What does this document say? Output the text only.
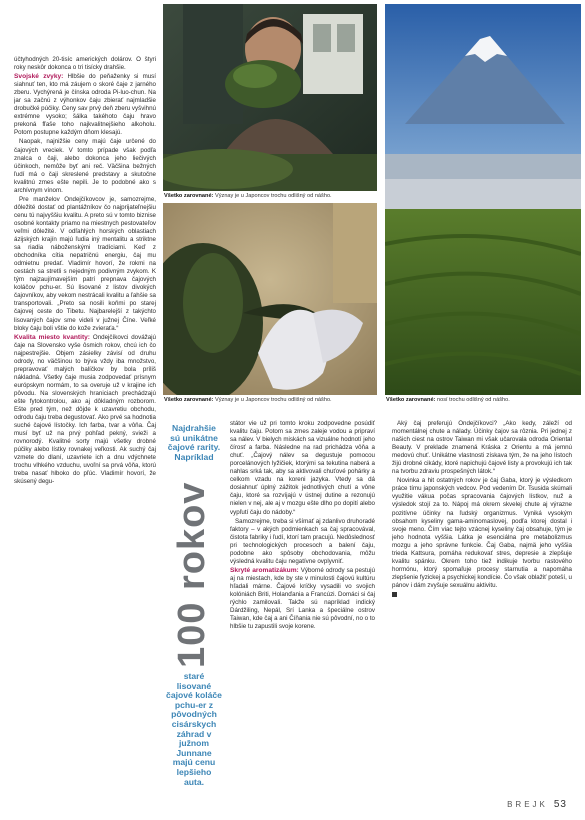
účtyhodných 20-tisíc amerických dolárov. O štyri roky neskôr dokonca o tri tisícky drahšie.

Svojské zvyky: Hlbšie do peňaženky si musí siahnuť ten, kto má záujem o skoré čaje z jarného zberu. Vychýrená je čínska odroda Pi-luo-chun. Na jar sa začnú z výhonkov čaju zbierať najmladšie drobučké púčiky. Ceny sav prvý deň zberu vyšvihnú extrémne vysoko; šálka takéhoto čaju hravo prekoná fľaše toho najkvalitnejšieho alkoholu. Potom postupne každým dňom klesajú.

Naopak, najnižšie ceny majú čaje určené do čajových vreciek. V tomto prípade však podľa znalca o čaji, alebo dokonca jeho liečivých účinkoch, nemôže byť ani reč. Väčšina bežných ľudí má o čaji skreslené predstavy a skutočne kvalitnú zmes ešte nepili. Je to podobné ako s archívnym vínom.

Pre manželov Ondejčíkovcov je, samozrejme, dôležité dostať od plantážníkov čo najprijateľnejšiu cenu tú najvyššiu kvalitu. A preto sú v tomto biznise osobné kontakty priamo na miestnych pestovateľov veľmi dôležité. V odľahlých horských oblastiach ázijských krajín majú ľudia iný mentalitu a striktne sa riadia náboženskými tradíciami. Keď z obchodníka cítia nepatričnú energiu, čaj mu odmietnu predať. Vladimír hovorí, že rokmi na cestách sa stretli s nejedným podivným zvykom. K tým najzaujímavejším patrí prepnava čajových koláčov pchu-er. Sú lisované z listov divokých čajovníkov, aby vekom nestrácali kvalitu a ľahšie sa transportovali. „Preto sa nosili koňmi po starej čajovej ceste do Tibetu. Najbarelejší z takýchto lisovaných čajov sme videli v južnej Číne. Veľké bloky čaju boli vštie do kože zvieraťa.“

Kvalita miesto kvantity: Ondejčíkovci dovážajú čaje na Slovensko vyše ôsmich rokov, chcú ich čo najpestrejšie. Objem zásielky závisí od druhu odrody, no väčšinou to býva vždy iba množstvo, prepravovať malých balíčkov by bola príliš nákladná. Všetky čaje musia zodpovedať prísnym európskym normám, to sa overuje už v krajine ich pôvodu. Na slovenských hraniciach prechádzajú ešte fytokontrolou, ako aj dôkladným rozborom. Ešte pred tým, než dôjde k uzavretiu obchodu, odrodu čaju treba degustovať. Ako prvé sa hodnotia suché čajové lístočky. Ich farba, tvar a vôňa. Čaj musí byť už na prvý pohľad pekný, svieži a rovnorodý. Kvalitné sorty majú všetky drobné púčiky alebo lístky rovnakej veľkosti. Ak suchý čaj vzmete do dlaní, uzavriete ich a dnu vdýchnete trochu vlhkého vzduchu, uvoľní sa prvá vôňa, ktorú treba nasať hlboko do pľúc. Vladimír hovorí, že skúsený degu-

Všetko zarovnané: Význay je u Japoncov trochu odlišný od nášho.
Všetko zarovnané: Význay je u Japoncov trochu odlišný od nášho.	Všetko zarovnané: nosí trochu odlišný od nášho.
Najdrahšie sú unikátne čajové rarity. Napríklad
100 rokov
staré lisované čajové koláče pchu-er z pôvodných cisárskych záhrad v južnom Junnane majú cenu lepšieho auta.

státor vie už pri tomto kroku zodpovedne posúdiť kvalitu čaju. Potom sa zmes zaleje vodou a pripraví sa nálev. V bielych miskách sa vizuálne hodnotí jeho čírosť a farba. Následne na rad prichádza vôňa a chuť. „Čajový nálev sa degustuje pomocou porcelánových lyžičiek, ktorými sa tekutina naberá a nahlas srká tak, aby sa aktivovali chuťové pohárky a celkom vzadu na koreni jazyka. Vtedy sa dá dosiahnuť úplný zážitok jednotlivých chutí a vône čaju, ktoré sa rozvíjajú v ústnej dutine a rezonujú nielen v nej, ale aj v mozgu ešte dlho po dopití alebo vypľutí čaju do nádoby.“

Samozrejme, treba si všímať aj zdanlivo druhoradé faktory – v akých podmienkach sa čaj spracovával, čistota fabriky i ľudí, ktorí tam pracujú. Nedôslednosť pri technologických procesoch a balení čaju, podobne ako spôsoby obchodovania, môžu výsledná kvalitu čaju negatívne ovplyvniť.

Skryté aromatizákum: Výborné odrody sa pestujú aj na miestach, kde by ste v minulosti čajovú kultúru hľadali márne. Čajové kríčky vysadili vo svojich kolóniách Briti, Holanďania a Francúzi. Domáci si čaj rýchlo zamilovali. Takže sú napríklad indický Dárdžiling, Nepál, Srí Lanka a špeciálne ostrov Taiwan, kde čaj a ani Číňania nie sú pôvodní, no o to hlbšie tu zapustili svoje korene.

Aký čaj preferujú Ondejčíkovci? „Ako kedy, záleží od momentálnej chute a nálady. Účinky čajov sa rôznia. Pri jednej z našich ciest na ostrov Taiwan mi však učarovala odroda Oriental Beauty. V preklade znamená Kráska z Orientu a má jemnú medovú chuť. Unikátne vlastnosti získava tým, že na jeho lístoch žijú drobné cikády, ktoré napichujú čajové listy a provokujú ich tak na tvorbu zdraviu prospešných látok.“

Novinka a hit ostatných rokov je čaj Gaba, ktorý je výsledkom práce tímu japonských vedcov. Pod vedením Dr. Tsusida skúmali využitie vákua počas spracovania čajových lístkov, nuž a výsledok stojí za to. Nápoj má okrem skvelej chute aj výrazne pozitívne účinky na ľudský organizmus. Vyniká vysokým obsahom kyseliny gama-aminomaslovej, podľa ktorej dostal i svoje meno. Čím viac tejto vzácnej kyseliny čaj obsahuje, tým je jeho hodnota vyššia. Látka je esenciálna pre metabolizmus mozgu a jeho správne funkcie. Čaj Gaba, najmä jeho vyššia trieda Kattsura, pomáha redukovať stres, depresie a zlepšuje kvalitu spánku. Okrem toho tiež indikuje tvorbu rastového hormónu, ktorý spomaľuje procesy starnutia a napomáha zlepšenie fyzickej a psychickej kondície. Čo však oblažiť poteší, u pánov i dám zvyšuje sexuálnu aktivitu.

BREJK 53
